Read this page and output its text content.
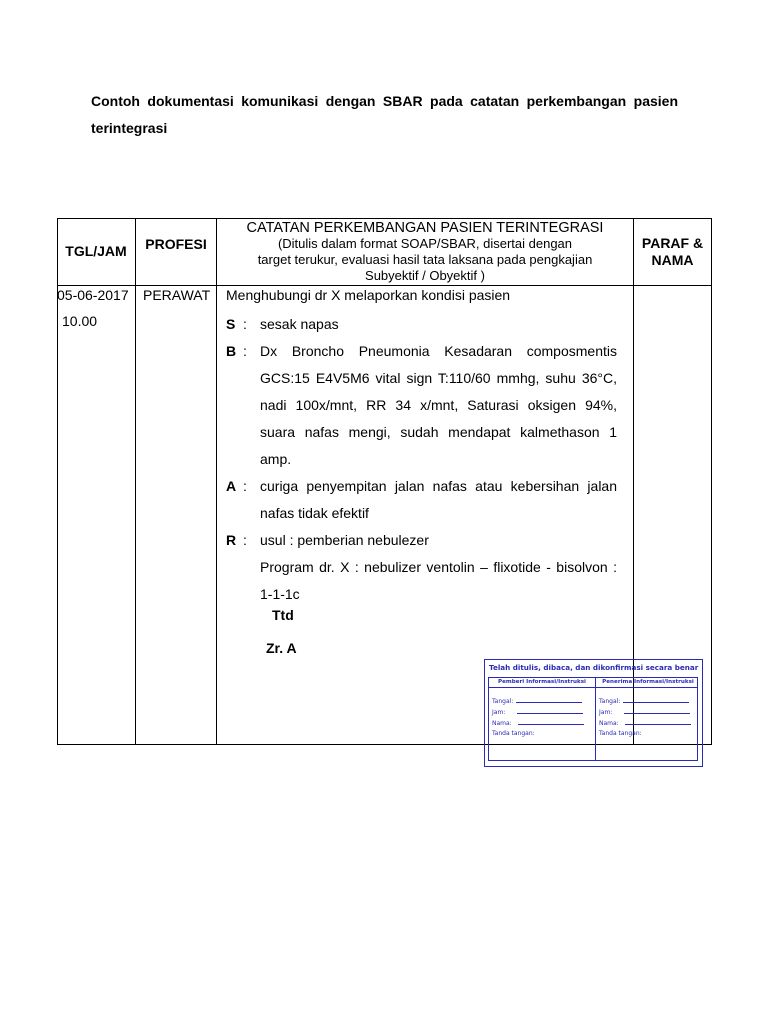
Contoh dokumentasi komunikasi dengan SBAR pada catatan perkembangan pasien terintegrasi
TGL/JAM	PROFESI
CATATAN PERKEMBANGAN PASIEN TERINTEGRASI
(Ditulis dalam format SOAP/SBAR, disertai dengan
target terukur, evaluasi hasil tata laksana pada pengkajian
Subyektif / Obyektif )
PARAF &
NAMA
05-06-2017
10.00
PERAWAT Menghubungi dr X melaporkan kondisi pasien
S : sesak napas
B : Dx Broncho Pneumonia Kesadaran composmentis GCS:15 E4V5M6 vital sign T:110/60 mmhg, suhu 36°C, nadi 100x/mnt, RR 34 x/mnt, Saturasi oksigen 94%, suara nafas mengi, sudah mendapat kalmethason 1 amp.
A : curiga penyempitan jalan nafas atau kebersihan jalan nafas tidak efektif
R : usul : pemberian nebulezer
Program dr. X : nebulizer ventolin – flixotide - bisolvon : 1-1-1c
Ttd
Zr. A
Telah ditulis, dibaca, dan dikonfirmasi secara benar
Pemberi Informasi/Instruksi	Penerima Informasi/Instruksi
Tangal:
Jam:
Nama:
Tanda tangan:
Tangal:
Jam:
Nama:
Tanda tangan:
